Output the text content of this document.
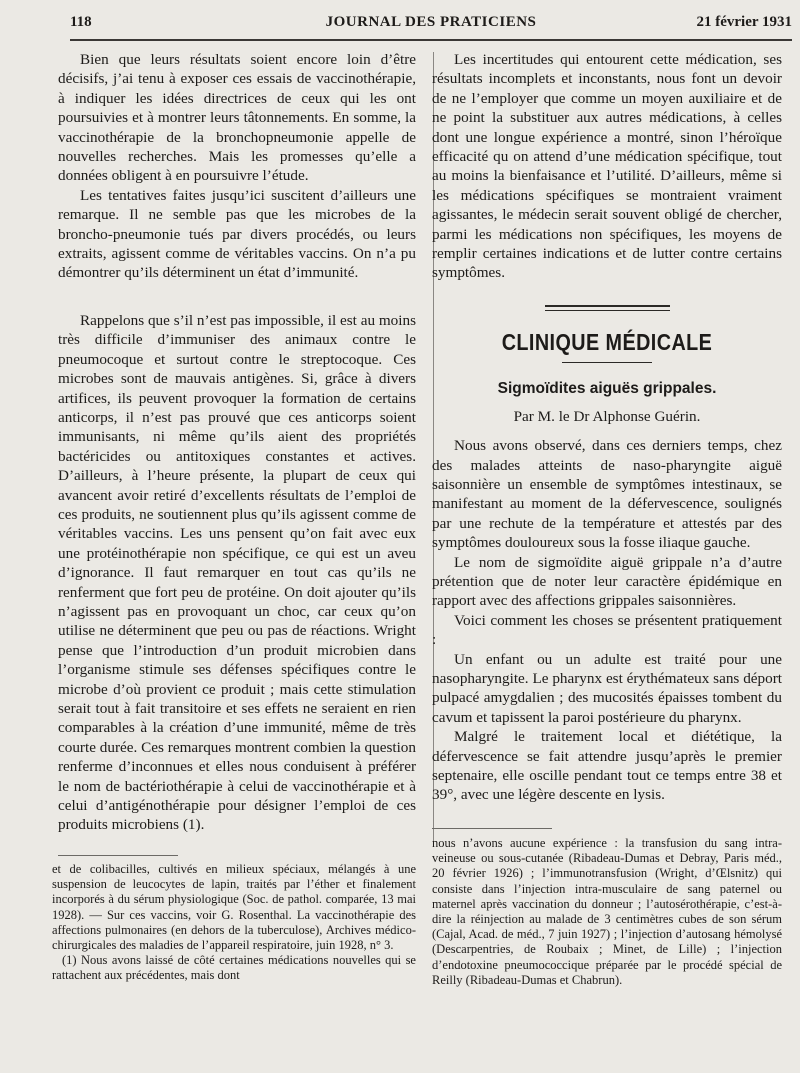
118	JOURNAL DES PRATICIENS	21 février 1931

Bien que leurs résultats soient encore loin d’être décisifs, j’ai tenu à exposer ces essais de vaccinothérapie, à indiquer les idées directrices de ceux qui les ont poursuivies et à montrer leurs tâtonnements. En somme, la vaccinothérapie de la bronchopneumonie appelle de nouvelles recherches. Mais les promesses qu’elle a données obligent à en poursuivre l’étude.

Les tentatives faites jusqu’ici suscitent d’ailleurs une remarque. Il ne semble pas que les microbes de la broncho-pneumonie tués par divers procédés, ou leurs extraits, agissent comme de véritables vaccins. On n’a pu démontrer qu’ils déterminent un état d’immunité.

Rappelons que s’il n’est pas impossible, il est au moins très difficile d’immuniser des animaux contre le pneumocoque et surtout contre le streptocoque. Ces microbes sont de mauvais antigènes. Si, grâce à divers artifices, ils peuvent provoquer la formation de certains anticorps, il n’est pas prouvé que ces anticorps soient immunisants, ni même qu’ils aient des propriétés bactéricides ou antitoxiques constantes et actives. D’ailleurs, à l’heure présente, la plupart de ceux qui avancent avoir retiré d’excellents résultats de l’emploi de ces produits, ne soutiennent plus qu’ils agissent comme de véritables vaccins. Les uns pensent qu’on fait avec eux une protéinothérapie non spécifique, ce qui est un aveu d’ignorance. Il faut remarquer en tout cas qu’ils ne renferment que fort peu de protéine. On doit ajouter qu’ils n’agissent pas en provoquant un choc, car ceux qu’on utilise ne déterminent que peu ou pas de réactions. Wright pense que l’introduction d’un produit microbien dans l’organisme stimule ses défenses spécifiques contre le microbe d’où provient ce produit ; mais cette stimulation serait tout à fait transitoire et ses effets ne seraient en rien comparables à la création d’une immunité, même de très courte durée. Ces remarques montrent combien la question renferme d’inconnues et elles nous conduisent à préférer le nom de bactériothérapie à celui de vaccinothérapie et à celui d’antigénothérapie pour désigner l’emploi de ces produits microbiens (1).

Les incertitudes qui entourent cette médication, ses résultats incomplets et inconstants, nous font un devoir de ne l’employer que comme un moyen auxiliaire et de ne point la substituer aux autres médications, à celles dont une longue expérience a montré, sinon l’héroïque efficacité qu on attend d’une médication spécifique, tout au moins la bienfaisance et l’utilité. D’ailleurs, même si les médications spécifiques se montraient vraiment agissantes, le médecin serait souvent obligé de chercher, parmi les médications non spécifiques, les moyens de remplir certaines indications et de lutter contre certains symptômes.

CLINIQUE MÉDICALE
Sigmoïdites aiguës grippales.
Par M. le Dr Alphonse Guérin.

Nous avons observé, dans ces derniers temps, chez des malades atteints de naso-pharyngite aiguë saisonnière un ensemble de symptômes intestinaux, se manifestant au moment de la défervescence, soulignés par une rechute de la température et attestés par des symptômes douloureux sous la fosse iliaque gauche.

Le nom de sigmoïdite aiguë grippale n’a d’autre prétention que de noter leur caractère épidémique en rapport avec des affections grippales saisonnières.

Voici comment les choses se présentent pratiquement :

Un enfant ou un adulte est traité pour une nasopharyngite. Le pharynx est érythémateux sans déport pulpacé amygdalien ; des mucosités épaisses tombent du cavum et tapissent la paroi postérieure du pharynx.

Malgré le traitement local et diététique, la défervescence se fait attendre jusqu’après le premier septenaire, elle oscille pendant tout ce temps entre 38 et 39°, avec une légère descente en lysis.

et de colibacilles, cultivés en milieux spéciaux, mélangés à une suspension de leucocytes de lapin, traités par l’éther et finalement incorporés à du sérum physiologique (Soc. de pathol. comparée, 13 mai 1928). — Sur ces vaccins, voir G. Rosenthal. La vaccinothérapie des affections pulmonaires (en dehors de la tuberculose), Archives médico-chirurgicales des maladies de l’appareil respiratoire, juin 1928, n° 3.

(1) Nous avons laissé de côté certaines médications nouvelles qui se rattachent aux précédentes, mais dont

nous n’avons aucune expérience : la transfusion du sang intra-veineuse ou sous-cutanée (Ribadeau-Dumas et Debray, Paris méd., 20 février 1926) ; l’immunotransfusion (Wright, d’Œlsnitz) qui consiste dans l’injection intra-musculaire de sang paternel ou maternel après vaccination du donneur ; l’autosérothérapie, c’est-à-dire la réinjection au malade de 3 centimètres cubes de son sérum (Cajal, Acad. de méd., 7 juin 1927) ; l’injection d’autosang hémolysé (Descarpentries, de Roubaix ; Minet, de Lille) ; l’injection d’endotoxine pneumococcique préparée par le procédé spécial de Reilly (Ribadeau-Dumas et Chabrun).
